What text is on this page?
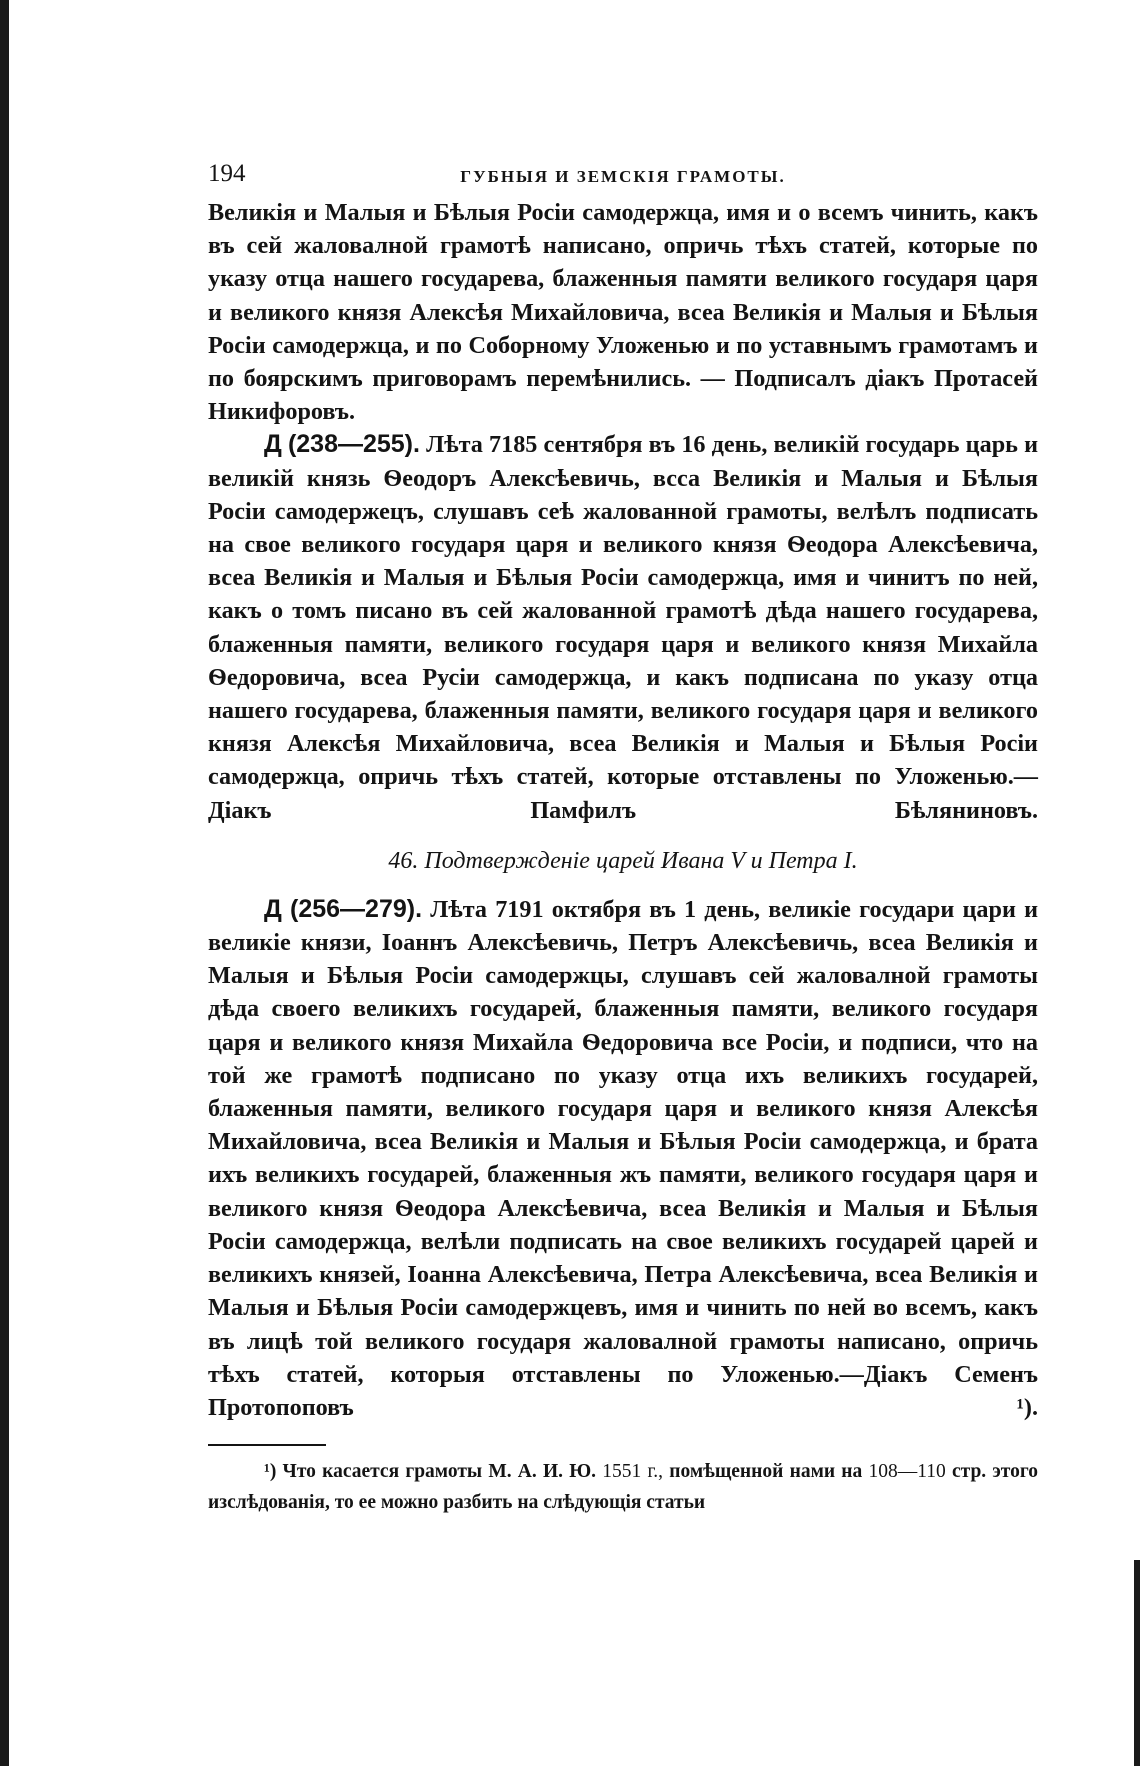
194	ГУБНЫЯ И ЗЕМСКІЯ ГРАМОТЫ.

Великія и Малыя и Бѣлыя Росіи самодержца, имя и о всемъ чинить, какъ въ сей жаловалной грамотѣ написано, опричь тѣхъ статей, которые по указу отца нашего государева, блаженныя памяти великого государя царя и великого князя Алексѣя Михайловича, всеа Великія и Малыя и Бѣлыя Росіи самодержца, и по Соборному Уложенью и по уставнымъ грамотамъ и по боярскимъ приговорамъ перемѣнились. — Подписалъ діакъ Протасей Никифоровъ.

Д (238—255). Лѣта 7185 сентября въ 16 день, великій государь царь и великій князь Ѳеодоръ Алексѣевичь, всса Великія и Малыя и Бѣлыя Росіи самодержецъ, слушавъ сеѣ жалованной грамоты, велѣлъ подписать на свое великого государя царя и великого князя Ѳеодора Алексѣевича, всеа Великія и Малыя и Бѣлыя Росіи самодержца, имя и чинитъ по ней, какъ о томъ писано въ сей жалованной грамотѣ дѣда нашего государева, блаженныя памяти, великого государя царя и великого князя Михайла Ѳедоровича, всеа Русіи самодержца, и какъ подписана по указу отца нашего государева, блаженныя памяти, великого государя царя и великого князя Алексѣя Михайловича, всеа Великія и Малыя и Бѣлыя Росіи самодержца, опричь тѣхъ статей, которые отставлены по Уложенью.—Діакъ Памфилъ Бѣляниновъ.

46. Подтвержденіе царей Ивана V и Петра I.

Д (256—279). Лѣта 7191 октября въ 1 день, великіе государи цари и великіе князи, Іоаннъ Алексѣевичь, Петръ Алексѣевичь, всеа Великія и Малыя и Бѣлыя Росіи самодержцы, слушавъ сей жаловалной грамоты дѣда своего великихъ государей, блаженныя памяти, великого государя царя и великого князя Михайла Ѳедоровича все Росіи, и подписи, что на той же грамотѣ подписано по указу отца ихъ великихъ государей, блаженныя памяти, великого государя царя и великого князя Алексѣя Михайловича, всеа Великія и Малыя и Бѣлыя Росіи самодержца, и брата ихъ великихъ государей, блаженныя жъ памяти, великого государя царя и великого князя Ѳеодора Алексѣевича, всеа Великія и Малыя и Бѣлыя Росіи самодержца, велѣли подписать на свое великихъ государей царей и великихъ князей, Іоанна Алексѣевича, Петра Алексѣевича, всеа Великія и Малыя и Бѣлыя Росіи самодержцевъ, имя и чинить по ней во всемъ, какъ въ лицѣ той великого государя жаловалной грамоты написано, опричь тѣхъ статей, которыя отставлены по Уложенью.—Діакъ Семенъ Протопоповъ ¹).

¹) Что касается грамоты М. А. И. Ю. 1551 г., помѣщенной нами на 108—110 стр. этого изслѣдованія, то ее можно разбить на слѣдующія статьи
